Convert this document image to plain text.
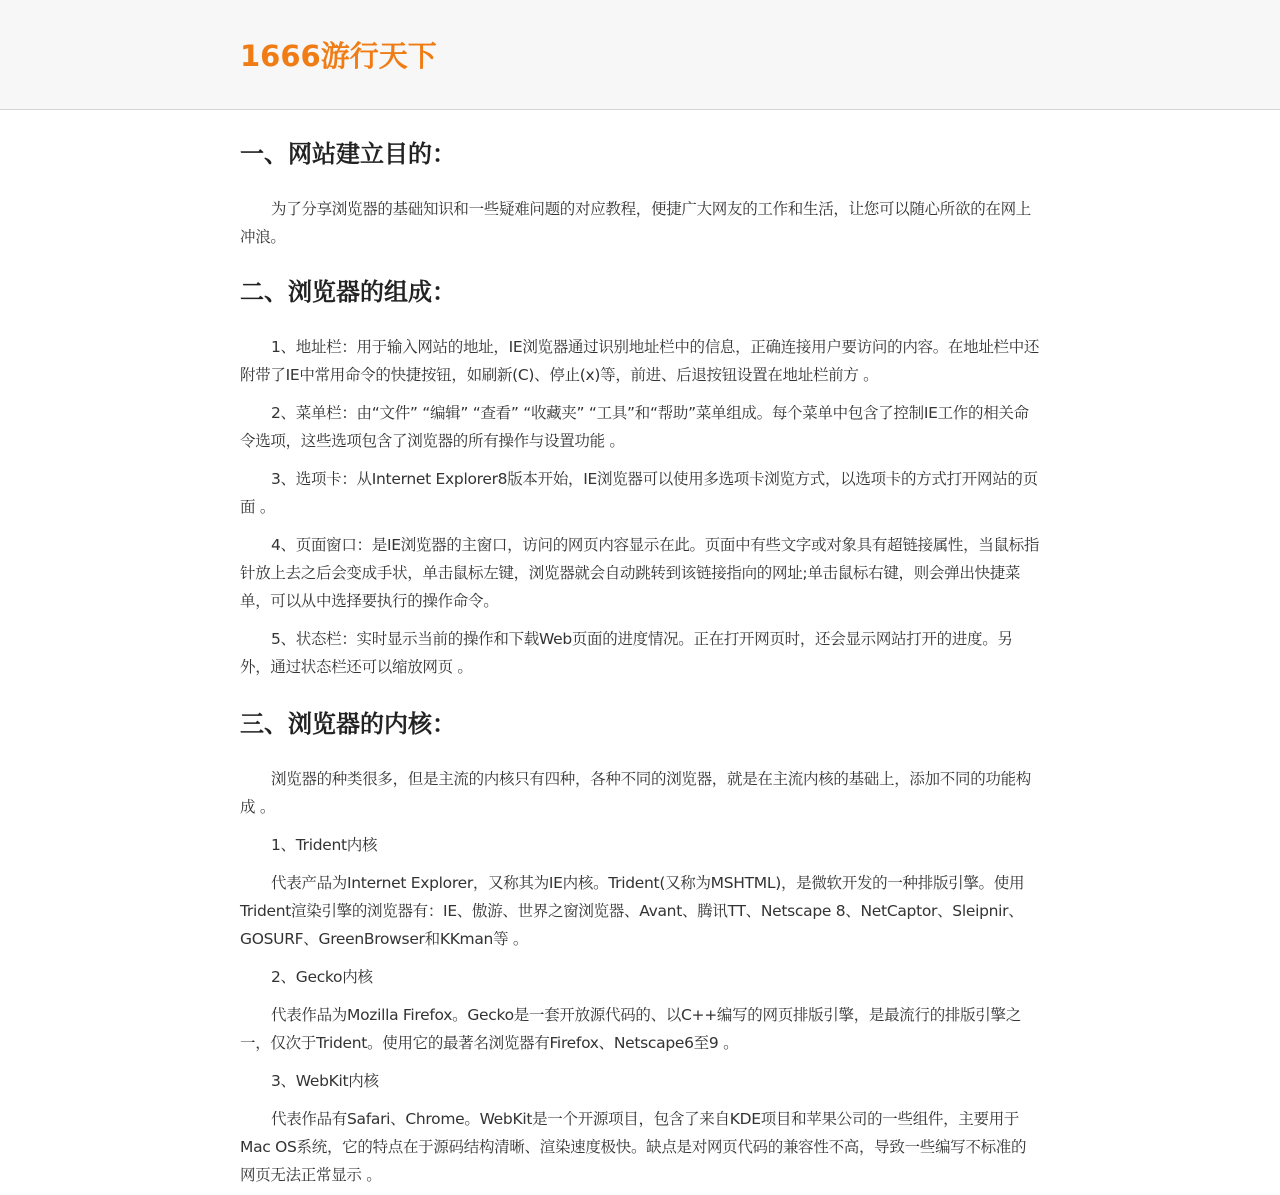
1666游行天下
一、网站建立目的：

为了分享浏览器的基础知识和一些疑难问题的对应教程，便捷广大网友的工作和生活，让您可以随心所欲的在网上冲浪。

二、浏览器的组成：

1、地址栏：用于输入网站的地址，IE浏览器通过识别地址栏中的信息，正确连接用户要访问的内容。在地址栏中还附带了IE中常用命令的快捷按钮，如刷新(C)、停止(x)等，前进、后退按钮设置在地址栏前方 。

2、菜单栏：由“文件” “编辑” “查看” “收藏夹” “工具”和“帮助”菜单组成。每个菜单中包含了控制IE工作的相关命令选项，这些选项包含了浏览器的所有操作与设置功能 。

3、选项卡：从Internet Explorer8版本开始，IE浏览器可以使用多选项卡浏览方式，以选项卡的方式打开网站的页面 。

4、页面窗口：是IE浏览器的主窗口，访问的网页内容显示在此。页面中有些文字或对象具有超链接属性，当鼠标指针放上去之后会变成手状，单击鼠标左键，浏览器就会自动跳转到该链接指向的网址;单击鼠标右键，则会弹出快捷菜单，可以从中选择要执行的操作命令。

5、状态栏：实时显示当前的操作和下载Web页面的进度情况。正在打开网页时，还会显示网站打开的进度。另外，通过状态栏还可以缩放网页 。

三、浏览器的内核：

浏览器的种类很多，但是主流的内核只有四种，各种不同的浏览器，就是在主流内核的基础上，添加不同的功能构成 。

1、Trident内核

代表产品为Internet Explorer，又称其为IE内核。Trident(又称为MSHTML)，是微软开发的一种排版引擎。使用Trident渲染引擎的浏览器有：IE、傲游、世界之窗浏览器、Avant、腾讯TT、Netscape 8、NetCaptor、Sleipnir、GOSURF、GreenBrowser和KKman等 。

2、Gecko内核

代表作品为Mozilla Firefox。Gecko是一套开放源代码的、以C++编写的网页排版引擎，是最流行的排版引擎之一，仅次于Trident。使用它的最著名浏览器有Firefox、Netscape6至9 。

3、WebKit内核

代表作品有Safari、Chrome。WebKit是一个开源项目，包含了来自KDE项目和苹果公司的一些组件，主要用于Mac OS系统，它的特点在于源码结构清晰、渲染速度极快。缺点是对网页代码的兼容性不高，导致一些编写不标准的网页无法正常显示 。
